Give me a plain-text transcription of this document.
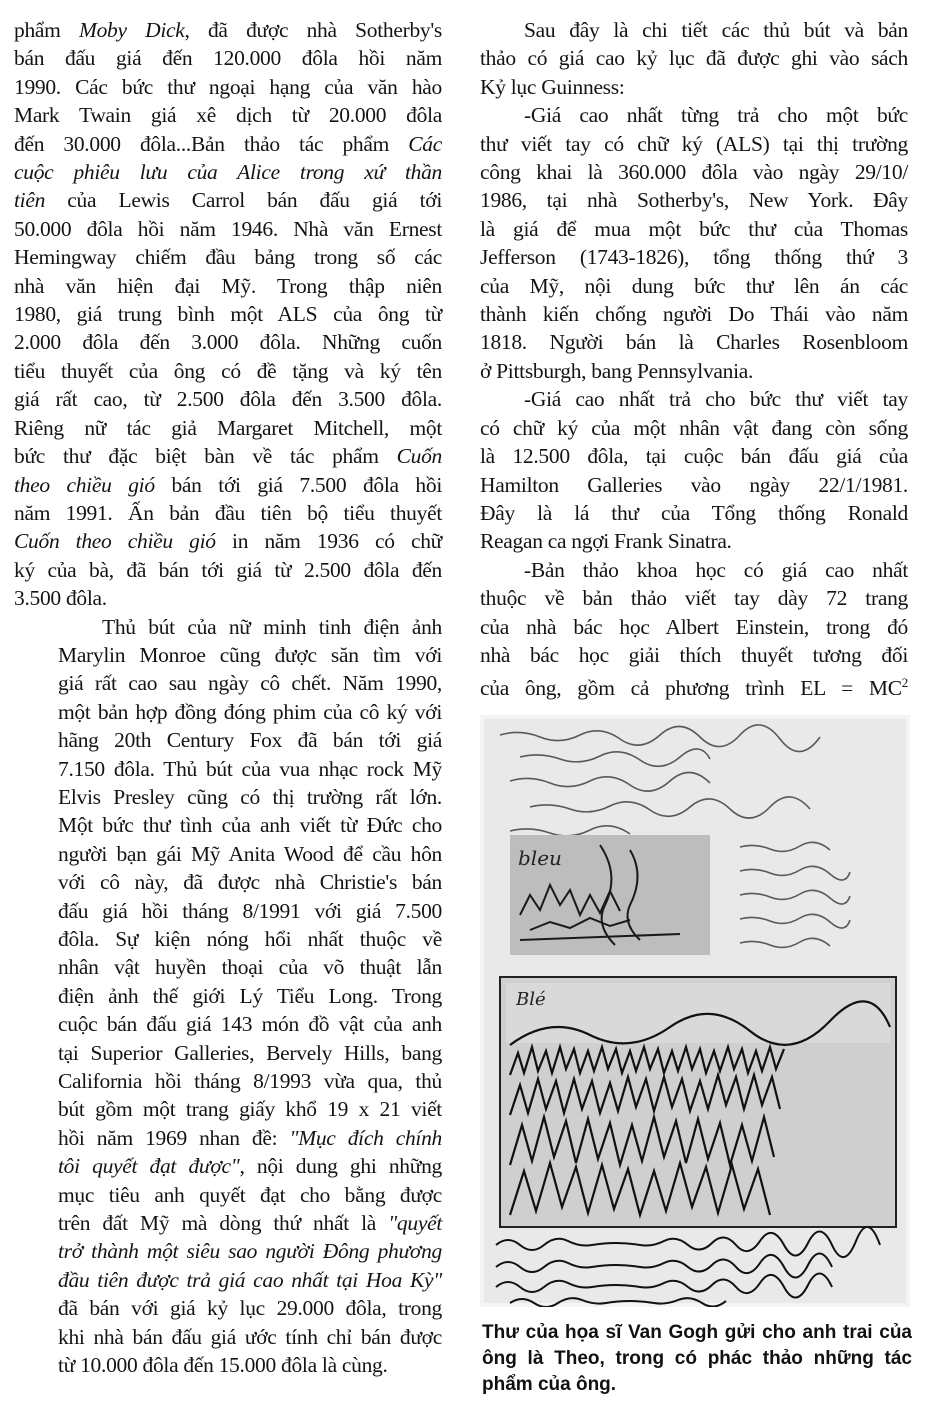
phẩm Moby Dick, đã được nhà Sotherby's
bán đấu giá đến 120.000 đôla hồi năm
1990. Các bức thư ngoại hạng của văn hào
Mark Twain giá xê dịch từ 20.000 đôla
đến 30.000 đôla...Bản thảo tác phẩm Các
cuộc phiêu lưu của Alice trong xứ thần
tiên của Lewis Carrol bán đấu giá tới
50.000 đôla hồi năm 1946. Nhà văn Ernest
Hemingway chiếm đầu bảng trong số các
nhà văn hiện đại Mỹ. Trong thập niên
1980, giá trung bình một ALS của ông từ
2.000 đôla đến 3.000 đôla. Những cuốn
tiểu thuyết của ông có đề tặng và ký tên
giá rất cao, từ 2.500 đôla đến 3.500 đôla.
Riêng nữ tác giả Margaret Mitchell, một
bức thư đặc biệt bàn về tác phẩm Cuốn
theo chiều gió bán tới giá 7.500 đôla hồi
năm 1991. Ấn bản đầu tiên bộ tiểu thuyết
Cuốn theo chiều gió in năm 1936 có chữ
ký của bà, đã bán tới giá từ 2.500 đôla đến
3.500 đôla.
Thủ bút của nữ minh tinh điện ảnh
Marylin Monroe cũng được săn tìm với
giá rất cao sau ngày cô chết. Năm 1990,
một bản hợp đồng đóng phim của cô ký với
hãng 20th Century Fox đã bán tới giá
7.150 đôla. Thủ bút của vua nhạc rock Mỹ
Elvis Presley cũng có thị trường rất lớn.
Một bức thư tình của anh viết từ Đức cho
người bạn gái Mỹ Anita Wood để cầu hôn
với cô này, đã được nhà Christie's bán
đấu giá hồi tháng 8/1991 với giá 7.500
đôla. Sự kiện nóng hổi nhất thuộc về
nhân vật huyền thoại của võ thuật lẫn
điện ảnh thế giới Lý Tiểu Long. Trong
cuộc bán đấu giá 143 món đồ vật của anh
tại Superior Galleries, Bervely Hills, bang
California hồi tháng 8/1993 vừa qua, thủ
bút gồm một trang giấy khổ 19 x 21 viết
hồi năm 1969 nhan đề: "Mục đích chính
tôi quyết đạt được", nội dung ghi những
mục tiêu anh quyết đạt cho bằng được
trên đất Mỹ mà dòng thứ nhất là "quyết
trở thành một siêu sao người Đông phương
đầu tiên được trả giá cao nhất tại Hoa Kỳ"
đã bán với giá kỷ lục 29.000 đôla, trong
khi nhà bán đấu giá ước tính chỉ bán được
từ 10.000 đôla đến 15.000 đôla là cùng.
Sau đây là chi tiết các thủ bút và bản
thảo có giá cao kỷ lục đã được ghi vào sách
Kỷ lục Guinness:
-Giá cao nhất từng trả cho một bức
thư viết tay có chữ ký (ALS) tại thị trường
công khai là 360.000 đôla vào ngày 29/10/
1986, tại nhà Sotherby's, New York. Đây
là giá để mua một bức thư của Thomas
Jefferson (1743-1826), tổng thống thứ 3
của Mỹ, nội dung bức thư lên án các
thành kiến chống người Do Thái vào năm
1818. Người bán là Charles Rosenbloom
ở Pittsburgh, bang Pennsylvania.
-Giá cao nhất trả cho bức thư viết tay
có chữ ký của một nhân vật đang còn sống
là 12.500 đôla, tại cuộc bán đấu giá của
Hamilton Galleries vào ngày 22/1/1981.
Đây là lá thư của Tổng thống Ronald
Reagan ca ngợi Frank Sinatra.
-Bản thảo khoa học có giá cao nhất
thuộc về bản thảo viết tay dày 72 trang
của nhà bác học Albert Einstein, trong đó
nhà bác học giải thích thuyết tương đối
của ông, gồm cả phương trình EL = $MC^2$
bleu
Blé
Thư của họa sĩ Van Gogh gửi cho anh trai của
ông là Theo, trong có phác thảo những tác
phẩm của ông.
